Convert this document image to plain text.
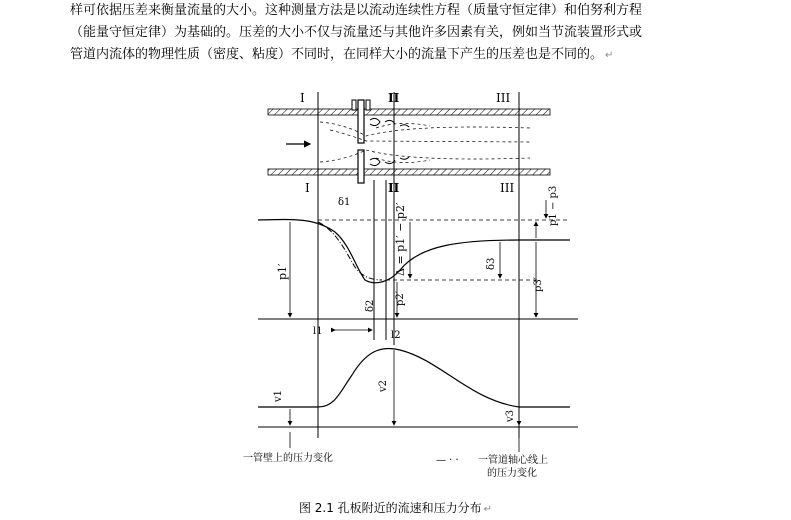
样可依据压差来衡量流量的大小。这种测量方法是以流动连续性方程（质量守恒定律）和伯努利方程
（能量守恒定律）为基础的。压差的大小不仅与流量还与其他许多因素有关，例如当节流装置形式或
管道内流体的物理性质（密度、粘度）不同时，在同样大小的流量下产生的压差也是不同的。 ↵
I	II	III
I	II	III
δ1
δ2
δ3
Δ = p1′ − p2′
p1′
p2′
p3′
p1 − p3
l1	l2
v1
v2
v3
一管壁上的压力变化	— · · 一管道轴心线上
的压力变化
图 2.1 孔板附近的流速和压力分布 ↵
